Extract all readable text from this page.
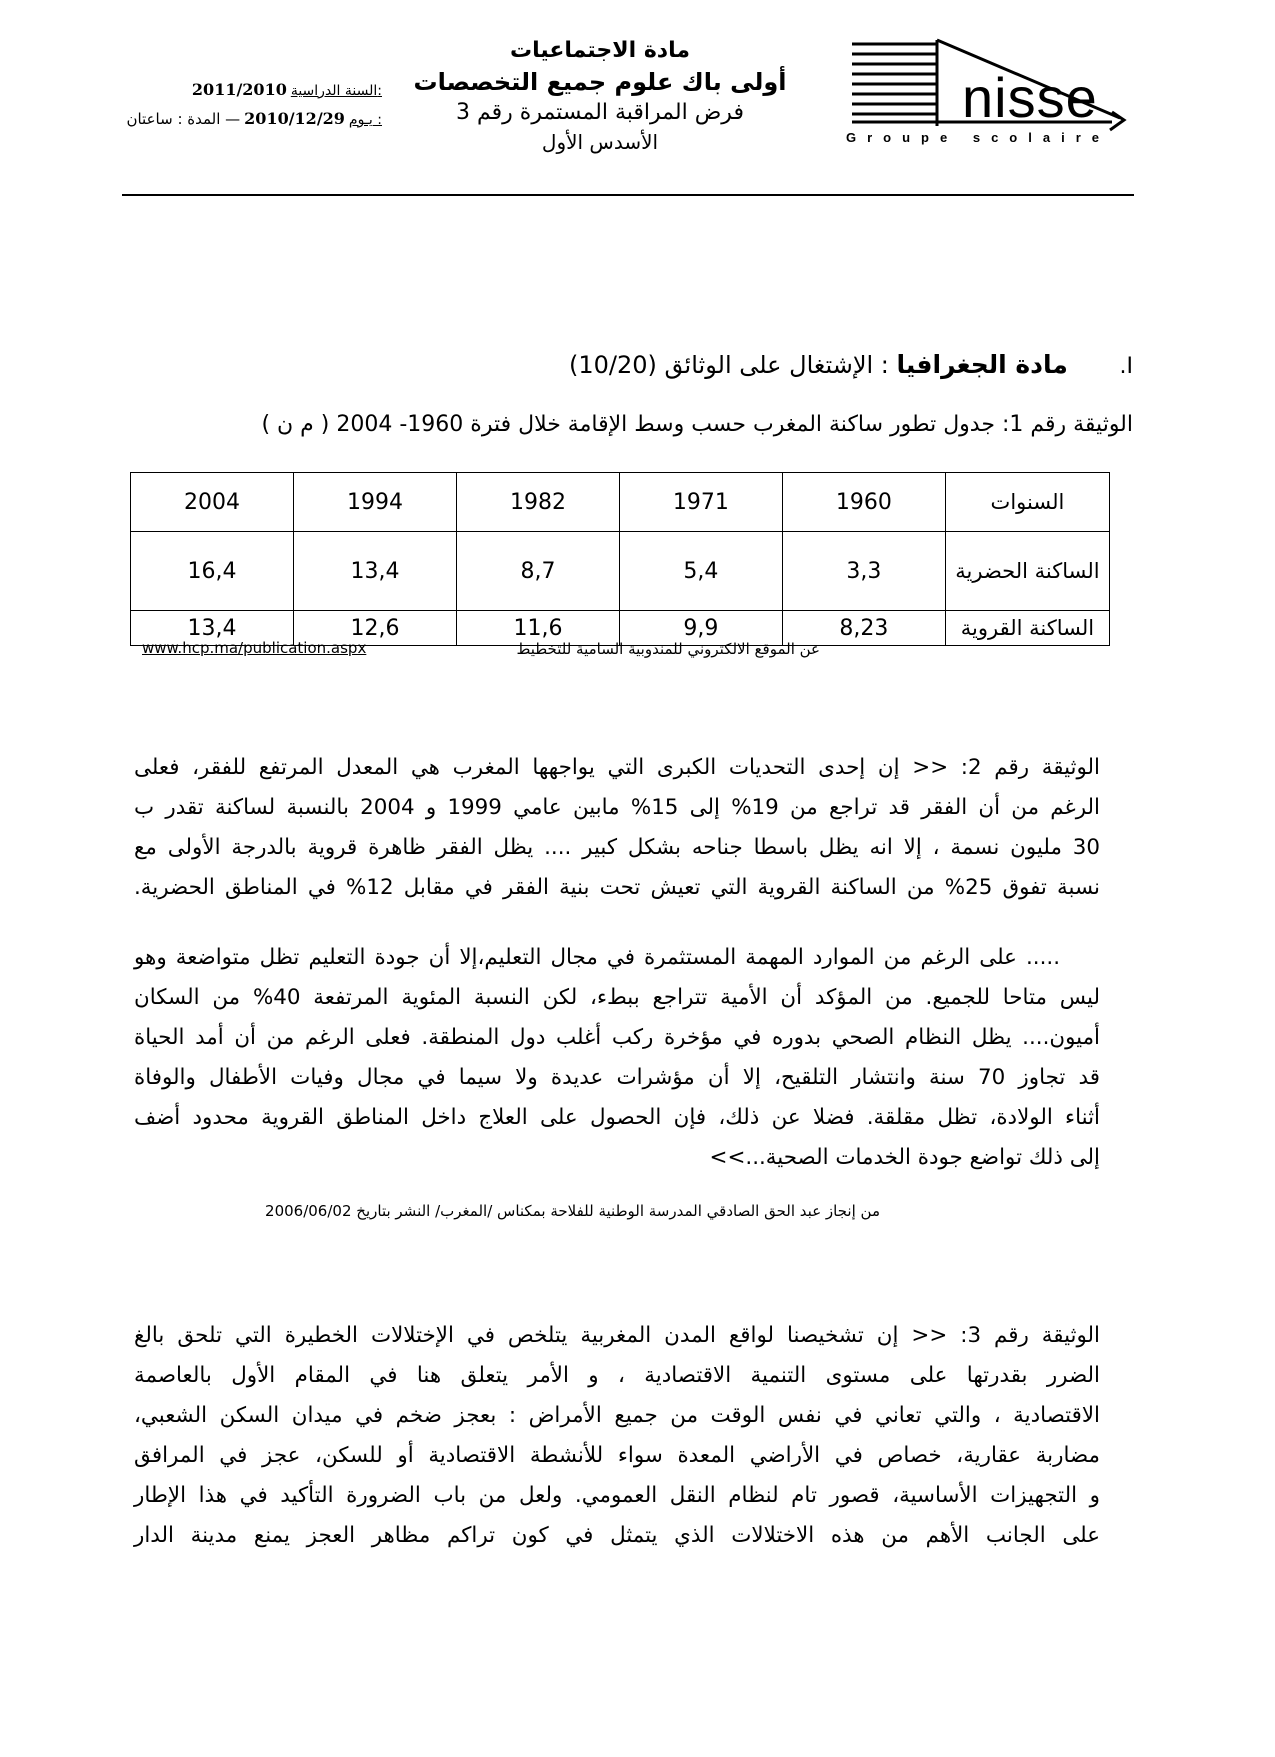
nisse
Groupe scolaire
مادة الاجتماعيات
أولى باك علوم جميع التخصصات
فرض المراقبة المستمرة رقم 3
الأسدس الأول
2011/2010 السنة الدراسية:
— المدة : ساعتان 2010/12/29 يـوم :
I. مادة الجغرافيا : الإشتغال على الوثائق (10/20)
الوثيقة رقم 1: جدول تطور ساكنة المغرب حسب وسط الإقامة خلال فترة 1960- 2004 ( م ن )
السنوات	1960	1971	1982	1994	2004
الساكنة الحضرية	3,3	5,4	8,7	13,4	16,4
الساكنة القروية	8,23	9,9	11,6	12,6	13,4
عن الموقع الالكتروني للمندوبية السامية للتخطيط
www.hcp.ma/publication.aspx

الوثيقة رقم 2: << إن إحدى التحديات الكبرى التي يواجهها المغرب هي المعدل المرتفع للفقر، فعلى

الرغم من أن الفقر قد تراجع من 19% إلى 15% مابين عامي 1999 و 2004 بالنسبة لساكنة تقدر ب

30 مليون نسمة ، إلا انه يظل باسطا جناحه بشكل كبير .... يظل الفقر ظاهرة قروية بالدرجة الأولى مع

نسبة تفوق 25% من الساكنة القروية التي تعيش تحت بنية الفقر في مقابل 12% في المناطق الحضرية.

..... على الرغم من الموارد المهمة المستثمرة في مجال التعليم،إلا أن جودة التعليم تظل متواضعة وهو

ليس متاحا للجميع. من المؤكد أن الأمية تتراجع ببطء، لكن النسبة المئوية المرتفعة 40% من السكان

أميون.... يظل النظام الصحي بدوره في مؤخرة ركب أغلب دول المنطقة. فعلى الرغم من أن أمد الحياة

قد تجاوز 70 سنة وانتشار التلقيح، إلا أن مؤشرات عديدة ولا سيما في مجال وفيات الأطفال والوفاة

أثناء الولادة، تظل مقلقة. فضلا عن ذلك، فإن الحصول على العلاج داخل المناطق القروية محدود أضف

إلى ذلك تواضع جودة الخدمات الصحية...>>

من إنجاز عبد الحق الصادقي المدرسة الوطنية للفلاحة بمكناس /المغرب/ النشر بتاريخ 2006/06/02

الوثيقة رقم 3: << إن تشخيصنا لواقع المدن المغربية يتلخص في الإختلالات الخطيرة التي تلحق بالغ

الضرر بقدرتها على مستوى التنمية الاقتصادية ، و الأمر يتعلق هنا في المقام الأول بالعاصمة

الاقتصادية ، والتي تعاني في نفس الوقت من جميع الأمراض : بعجز ضخم في ميدان السكن الشعبي،

مضاربة عقارية، خصاص في الأراضي المعدة سواء للأنشطة الاقتصادية أو للسكن، عجز في المرافق

و التجهيزات الأساسية، قصور تام لنظام النقل العمومي. ولعل من باب الضرورة التأكيد في هذا الإطار

على الجانب الأهم من هذه الاختلالات الذي يتمثل في كون تراكم مظاهر العجز يمنع مدينة الدار
